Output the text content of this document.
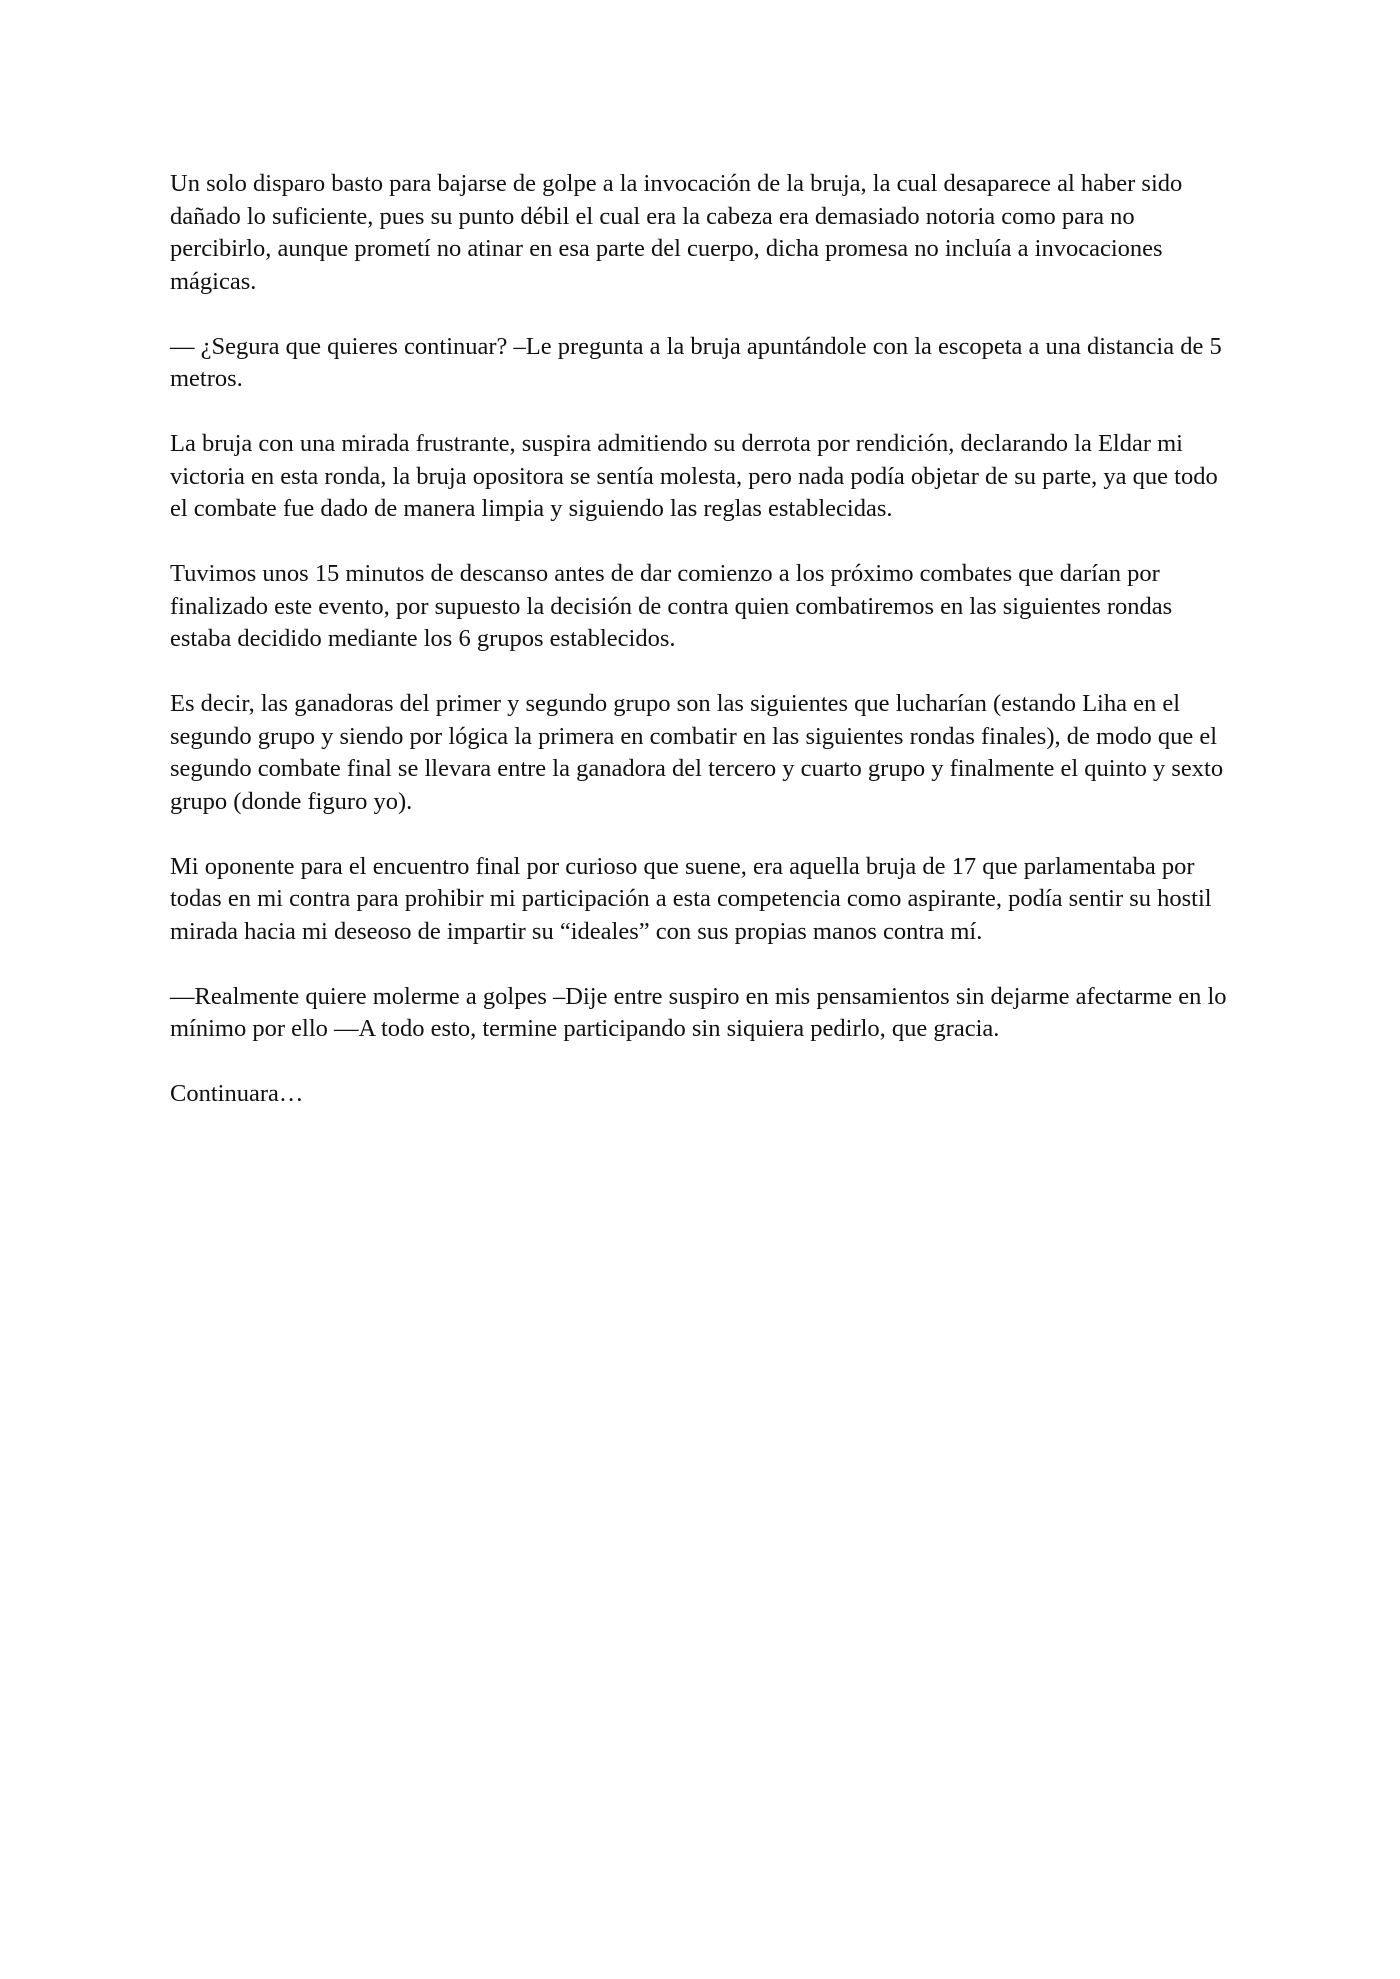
Un solo disparo basto para bajarse de golpe a la invocación de la bruja, la cual desaparece al haber sido dañado lo suficiente, pues su punto débil el cual era la cabeza era demasiado notoria como para no percibirlo, aunque prometí no atinar en esa parte del cuerpo, dicha promesa no incluía a invocaciones mágicas.

— ¿Segura que quieres continuar? –Le pregunta a la bruja apuntándole con la escopeta a una distancia de 5 metros.

La bruja con una mirada frustrante, suspira admitiendo su derrota por rendición, declarando la Eldar mi victoria en esta ronda, la bruja opositora se sentía molesta, pero nada podía objetar de su parte, ya que todo el combate fue dado de manera limpia y siguiendo las reglas establecidas.

Tuvimos unos 15 minutos de descanso antes de dar comienzo a los próximo combates que darían por finalizado este evento, por supuesto la decisión de contra quien combatiremos en las siguientes rondas estaba decidido mediante los 6 grupos establecidos.

Es decir, las ganadoras del primer y segundo grupo son las siguientes que lucharían (estando Liha en el segundo grupo y siendo por lógica la primera en combatir en las siguientes rondas finales), de modo que el segundo combate final se llevara entre la ganadora del tercero y cuarto grupo y finalmente el quinto y sexto grupo (donde figuro yo).

Mi oponente para el encuentro final por curioso que suene, era aquella bruja de 17 que parlamentaba por todas en mi contra para prohibir mi participación a esta competencia como aspirante, podía sentir su hostil mirada hacia mi deseoso de impartir su “ideales” con sus propias manos contra mí.

—Realmente quiere molerme a golpes –Dije entre suspiro en mis pensamientos sin dejarme afectarme en lo mínimo por ello —A todo esto, termine participando sin siquiera pedirlo, que gracia.

Continuara…
